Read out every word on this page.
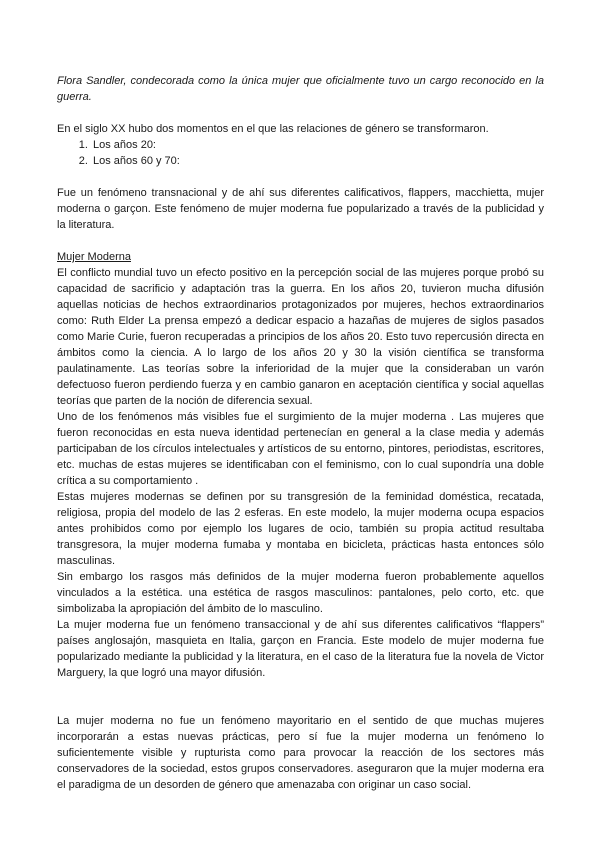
Flora Sandler, condecorada como la única mujer que oficialmente tuvo un cargo reconocido en la guerra.

En el siglo XX hubo dos momentos en el que las relaciones de género se transformaron.

1. Los años 20:
2. Los años 60 y 70:

Fue un fenómeno transnacional y de ahí sus diferentes calificativos, flappers, macchietta, mujer moderna o garçon. Este fenómeno de mujer moderna fue popularizado a través de la publicidad y la literatura.

Mujer Moderna

El conflicto mundial tuvo un efecto positivo en la percepción social de las mujeres porque probó su capacidad de sacrificio y adaptación tras la guerra. En los años 20, tuvieron mucha difusión aquellas noticias de hechos extraordinarios protagonizados por mujeres, hechos extraordinarios como: Ruth Elder La prensa empezó a dedicar espacio a hazañas de mujeres de siglos pasados como Marie Curie, fueron recuperadas a principios de los años 20. Esto tuvo repercusión directa en ámbitos como la ciencia. A lo largo de los años 20 y 30 la visión científica se transforma paulatinamente. Las teorías sobre la inferioridad de la mujer que la consideraban un varón defectuoso fueron perdiendo fuerza y en cambio ganaron en aceptación científica y social aquellas teorías que parten de la noción de diferencia sexual.

Uno de los fenómenos más visibles fue el surgimiento de la mujer moderna . Las mujeres que fueron reconocidas en esta nueva identidad pertenecían en general a la clase media y además participaban de los círculos intelectuales y artísticos de su entorno, pintores, periodistas, escritores, etc. muchas de estas mujeres se identificaban con el feminismo, con lo cual supondría una doble crítica a su comportamiento .

Estas mujeres modernas se definen por su transgresión de la feminidad doméstica, recatada, religiosa, propia del modelo de las 2 esferas. En este modelo, la mujer moderna ocupa espacios antes prohibidos como por ejemplo los lugares de ocio, también su propia actitud resultaba transgresora, la mujer moderna fumaba y montaba en bicicleta, prácticas hasta entonces sólo masculinas.

Sin embargo los rasgos más definidos de la mujer moderna fueron probablemente aquellos vinculados a la estética. una estética de rasgos masculinos: pantalones, pelo corto, etc. que simbolizaba la apropiación del ámbito de lo masculino.

La mujer moderna fue un fenómeno transaccional y de ahí sus diferentes calificativos “flappers” países anglosajón, masquieta en Italia, garçon en Francia. Este modelo de mujer moderna fue popularizado mediante la publicidad y la literatura, en el caso de la literatura fue la novela de Victor Marguery, la que logró una mayor difusión.

La mujer moderna no fue un fenómeno mayoritario en el sentido de que muchas mujeres incorporarán a estas nuevas prácticas, pero sí fue la mujer moderna un fenómeno lo suficientemente visible y rupturista como para provocar la reacción de los sectores más conservadores de la sociedad, estos grupos conservadores. aseguraron que la mujer moderna era el paradigma de un desorden de género que amenazaba con originar un caso social.
